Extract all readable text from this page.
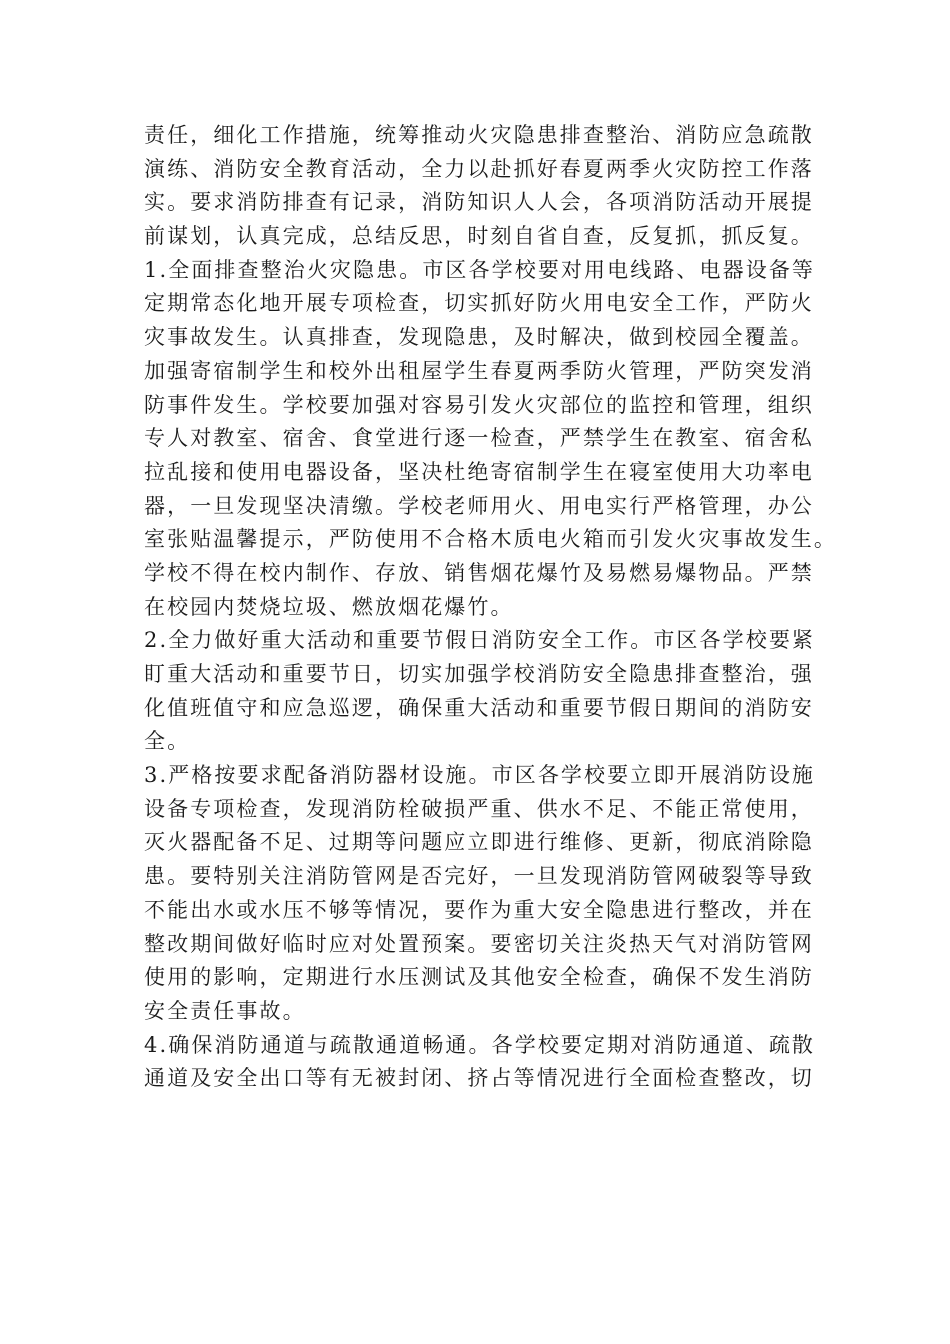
责任，细化工作措施，统筹推动火灾隐患排查整治、消防应急疏散
演练、消防安全教育活动，全力以赴抓好春夏两季火灾防控工作落
实。要求消防排查有记录，消防知识人人会，各项消防活动开展提
前谋划，认真完成，总结反思，时刻自省自查，反复抓，抓反复。
1.全面排查整治火灾隐患。市区各学校要对用电线路、电器设备等
定期常态化地开展专项检查，切实抓好防火用电安全工作，严防火
灾事故发生。认真排查，发现隐患，及时解决，做到校园全覆盖。
加强寄宿制学生和校外出租屋学生春夏两季防火管理，严防突发消
防事件发生。学校要加强对容易引发火灾部位的监控和管理，组织
专人对教室、宿舍、食堂进行逐一检查，严禁学生在教室、宿舍私
拉乱接和使用电器设备，坚决杜绝寄宿制学生在寝室使用大功率电
器，一旦发现坚决清缴。学校老师用火、用电实行严格管理，办公
室张贴温馨提示，严防使用不合格木质电火箱而引发火灾事故发生。
学校不得在校内制作、存放、销售烟花爆竹及易燃易爆物品。严禁
在校园内焚烧垃圾、燃放烟花爆竹。
2.全力做好重大活动和重要节假日消防安全工作。市区各学校要紧
盯重大活动和重要节日，切实加强学校消防安全隐患排查整治，强
化值班值守和应急巡逻，确保重大活动和重要节假日期间的消防安
全。
3.严格按要求配备消防器材设施。市区各学校要立即开展消防设施
设备专项检查，发现消防栓破损严重、供水不足、不能正常使用，
灭火器配备不足、过期等问题应立即进行维修、更新，彻底消除隐
患。要特别关注消防管网是否完好，一旦发现消防管网破裂等导致
不能出水或水压不够等情况，要作为重大安全隐患进行整改，并在
整改期间做好临时应对处置预案。要密切关注炎热天气对消防管网
使用的影响，定期进行水压测试及其他安全检查，确保不发生消防
安全责任事故。
4.确保消防通道与疏散通道畅通。各学校要定期对消防通道、疏散
通道及安全出口等有无被封闭、挤占等情况进行全面检查整改，切
